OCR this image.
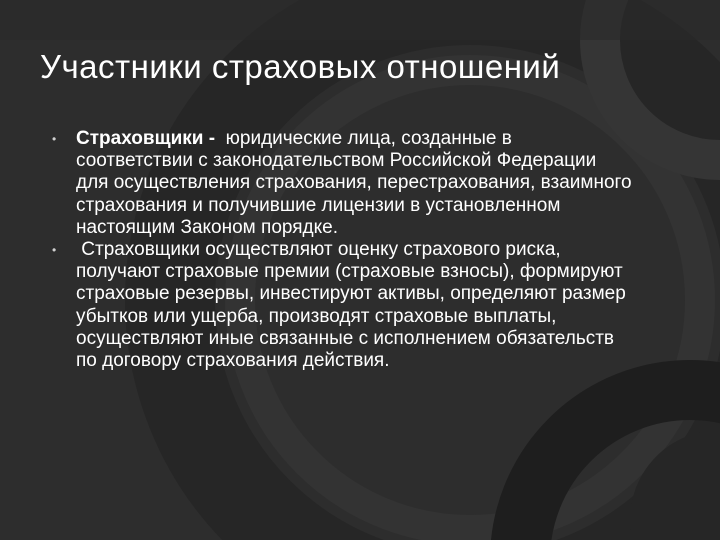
Участники страховых отношений

•	Страховщики -  юридические лица, созданные в соответствии с законодательством Российской Федерации для осуществления страхования, перестрахования, взаимного страхования и получившие лицензии в установленном настоящим Законом порядке.

•	Страховщики осуществляют оценку страхового риска, получают страховые премии (страховые взносы), формируют страховые резервы, инвестируют активы, определяют размер убытков или ущерба, производят страховые выплаты, осуществляют иные связанные с исполнением обязательств по договору страхования действия.
